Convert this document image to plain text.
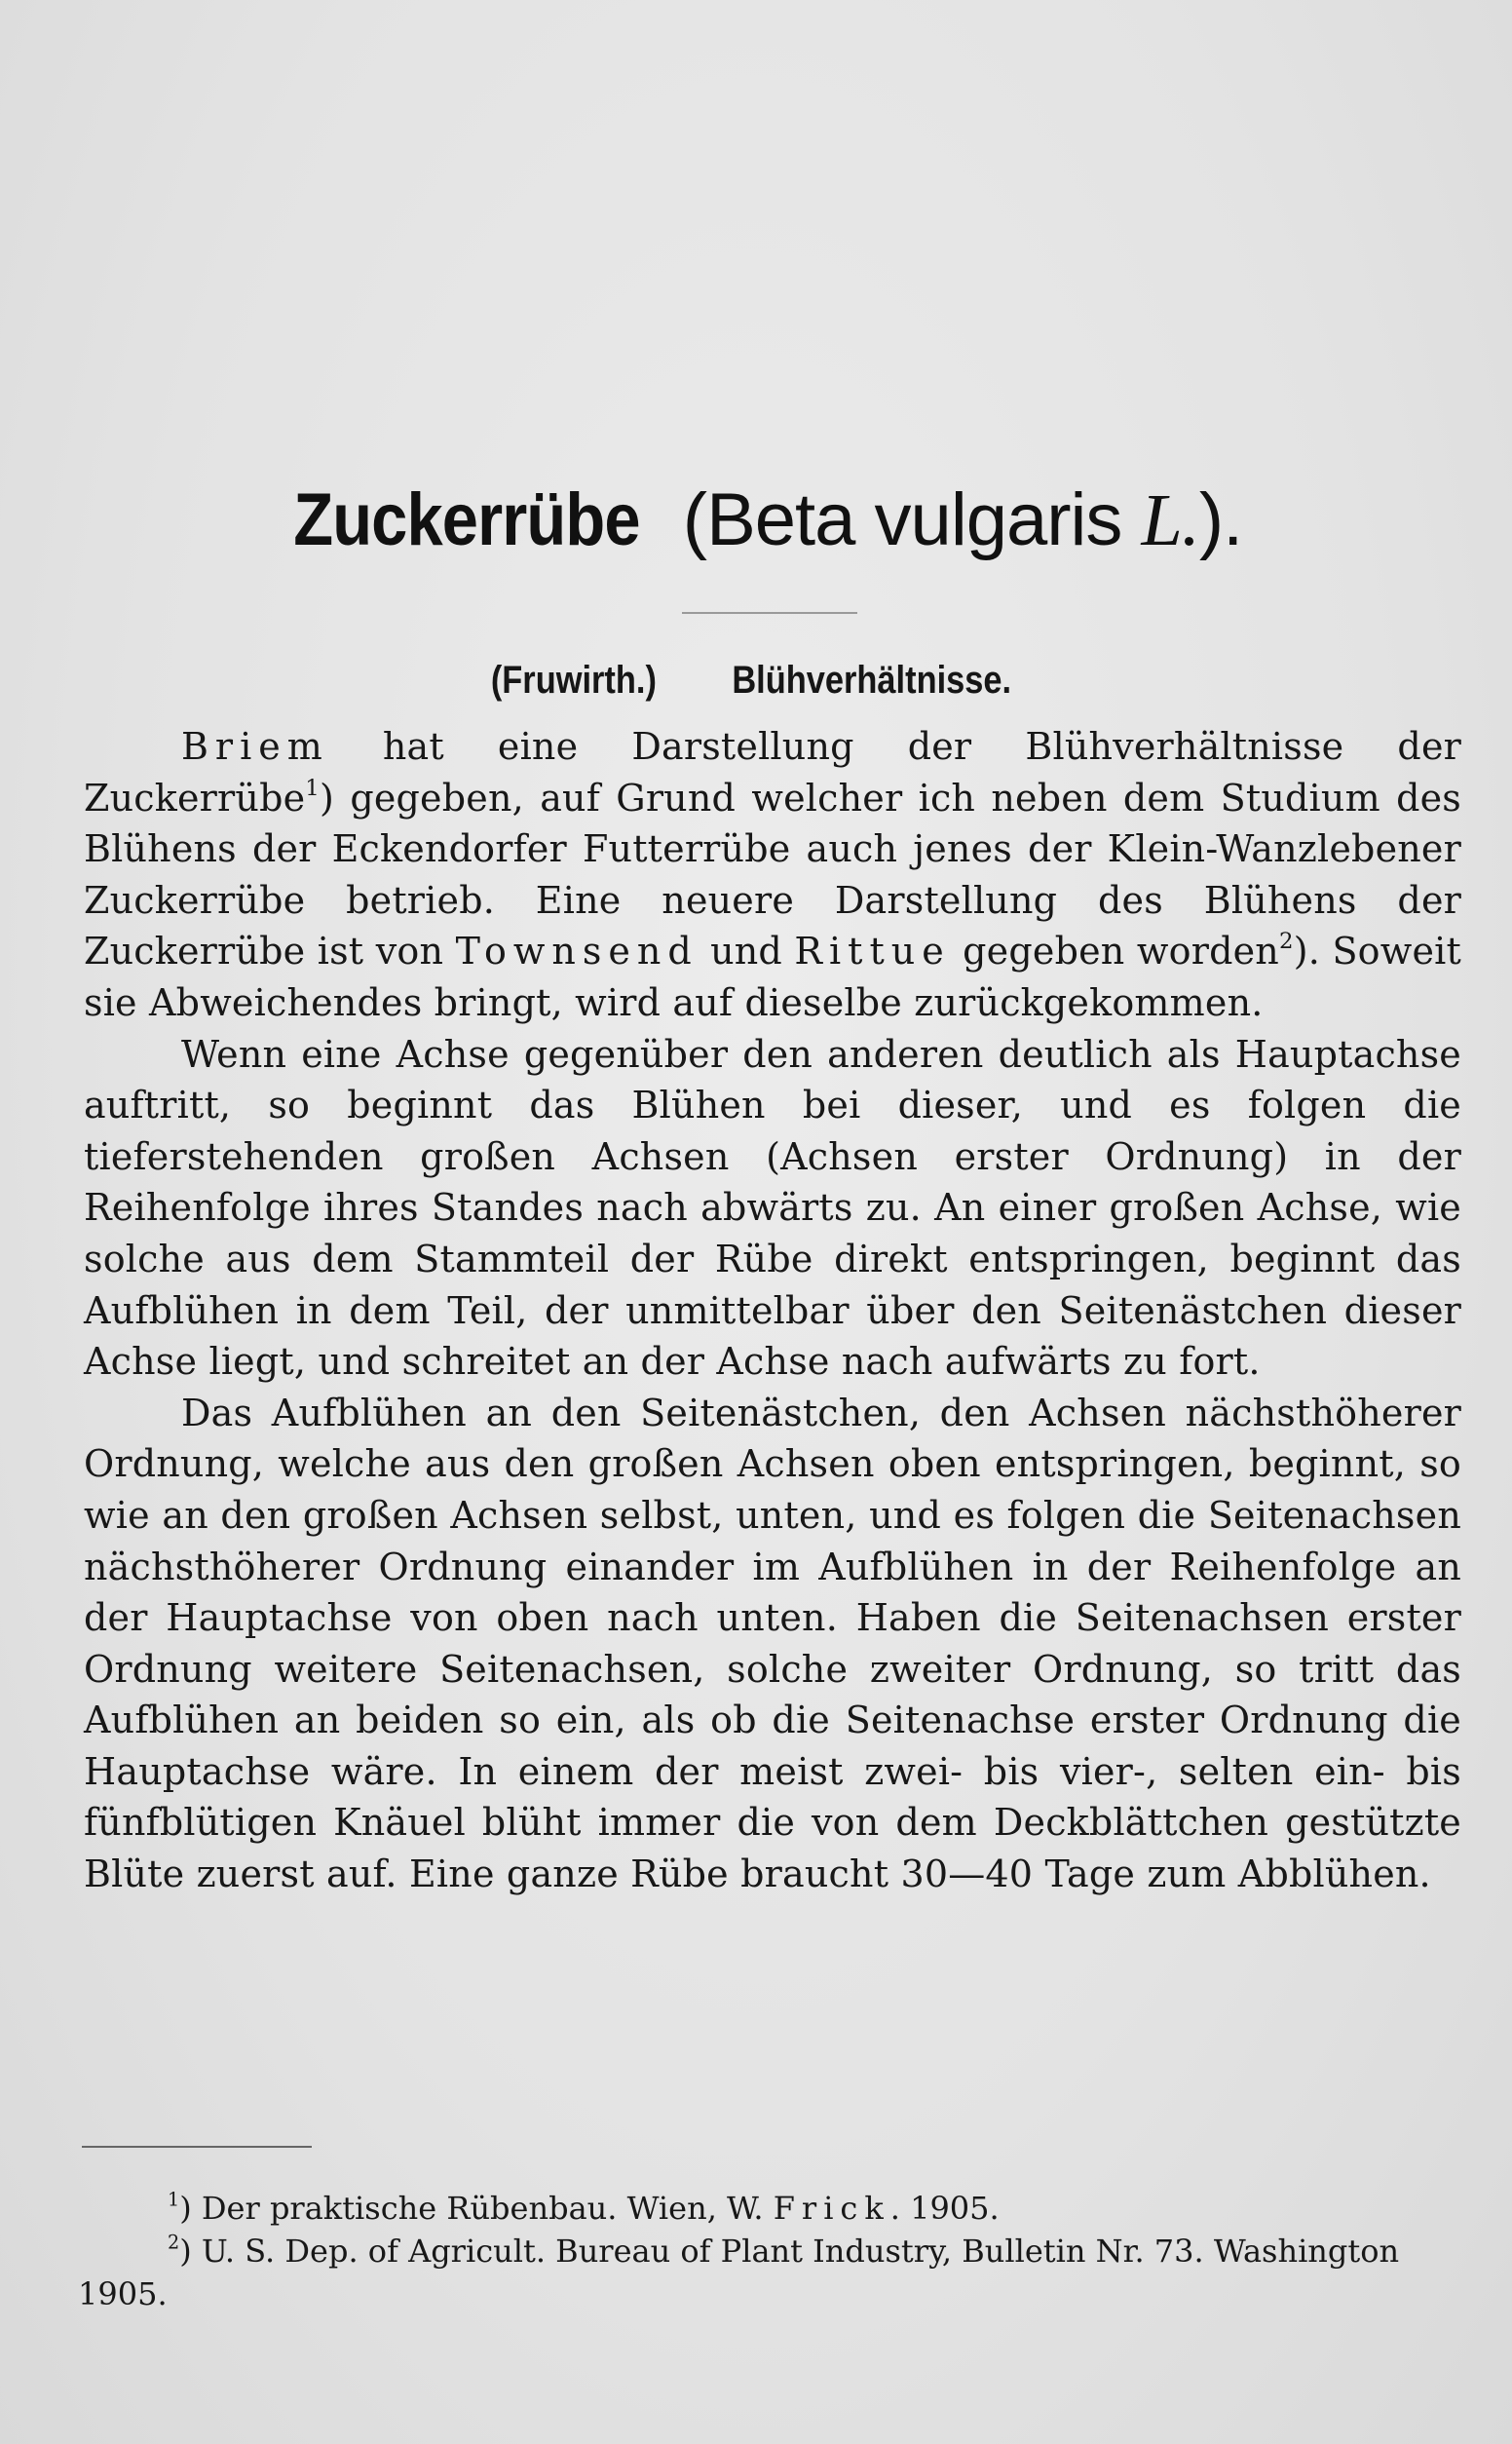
Zuckerrübe (Beta vulgaris L.).
(Fruwirth.) Blühverhältnisse.

Briem hat eine Darstellung der Blühverhältnisse der Zuckerrübe$^1$) gegeben, auf Grund welcher ich neben dem Studium des Blühens der Eckendorfer Futterrübe auch jenes der Klein-Wanzlebener Zuckerrübe betrieb. Eine neuere Darstellung des Blühens der Zuckerrübe ist von Townsend und Rittue gegeben worden$^2$). Soweit sie Abweichendes bringt, wird auf dieselbe zurückgekommen.

Wenn eine Achse gegenüber den anderen deutlich als Hauptachse auftritt, so beginnt das Blühen bei dieser, und es folgen die tieferstehenden großen Achsen (Achsen erster Ordnung) in der Reihenfolge ihres Standes nach abwärts zu. An einer großen Achse, wie solche aus dem Stammteil der Rübe direkt entspringen, beginnt das Aufblühen in dem Teil, der unmittelbar über den Seitenästchen dieser Achse liegt, und schreitet an der Achse nach aufwärts zu fort.

Das Aufblühen an den Seitenästchen, den Achsen nächsthöherer Ordnung, welche aus den großen Achsen oben entspringen, beginnt, so wie an den großen Achsen selbst, unten, und es folgen die Seitenachsen nächsthöherer Ordnung einander im Aufblühen in der Reihenfolge an der Hauptachse von oben nach unten. Haben die Seitenachsen erster Ordnung weitere Seitenachsen, solche zweiter Ordnung, so tritt das Aufblühen an beiden so ein, als ob die Seitenachse erster Ordnung die Hauptachse wäre. In einem der meist zwei- bis vier-, selten ein- bis fünfblütigen Knäuel blüht immer die von dem Deckblättchen gestützte Blüte zuerst auf. Eine ganze Rübe braucht 30—40 Tage zum Abblühen.

$^1$) Der praktische Rübenbau. Wien, W. Frick. 1905.

$^2$) U. S. Dep. of Agricult. Bureau of Plant Industry, Bulletin Nr. 73. Washington 1905.
